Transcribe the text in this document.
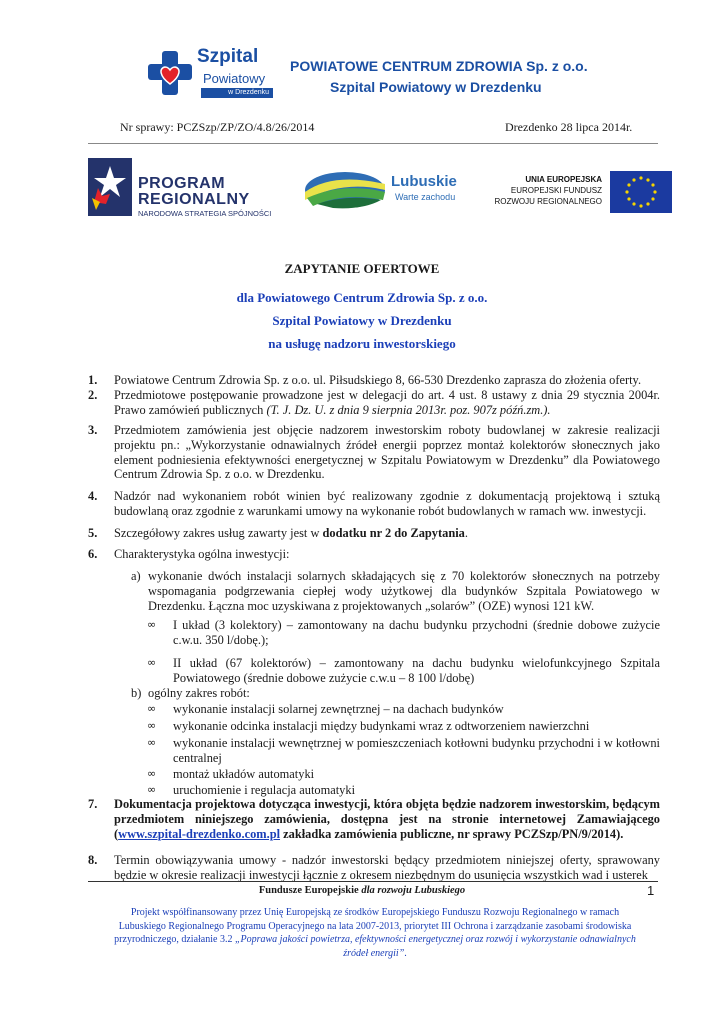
Szpital
Powiatowy
w Drezdenku
POWIATOWE CENTRUM ZDROWIA Sp. z o.o.
Szpital Powiatowy w Drezdenku
Nr sprawy: PCZSzp/ZP/ZO/4.8/26/2014	Drezdenko 28 lipca 2014r.
PROGRAM
REGIONALNY
NARODOWA STRATEGIA SPÓJNOŚCI
Lubuskie
Warte zachodu
UNIA EUROPEJSKA
EUROPEJSKI FUNDUSZ
ROZWOJU REGIONALNEGO
ZAPYTANIE OFERTOWE
dla Powiatowego Centrum Zdrowia Sp. z o.o.
Szpital Powiatowy w Drezdenku
na usługę nadzoru inwestorskiego
1. Powiatowe Centrum Zdrowia Sp. z o.o. ul. Piłsudskiego 8, 66-530 Drezdenko zaprasza do złożenia oferty.
2. Przedmiotowe postępowanie prowadzone jest w delegacji do art. 4 ust. 8 ustawy z dnia 29 stycznia 2004r. Prawo zamówień publicznych (T. J. Dz. U. z dnia 9 sierpnia 2013r. poz. 907z późń.zm.).
3. Przedmiotem zamówienia jest objęcie nadzorem inwestorskim roboty budowlanej w zakresie realizacji projektu pn.: „Wykorzystanie odnawialnych źródeł energii poprzez montaż kolektorów słonecznych jako element podniesienia efektywności energetycznej w Szpitalu Powiatowym w Drezdenku” dla Powiatowego Centrum Zdrowia Sp. z o.o. w Drezdenku.
4. Nadzór nad wykonaniem robót winien być realizowany zgodnie z dokumentacją projektową i sztuką budowlaną oraz zgodnie z warunkami umowy na wykonanie robót budowlanych w ramach ww. inwestycji.
5. Szczegółowy zakres usług zawarty jest w dodatku nr 2 do Zapytania.
6. Charakterystyka ogólna inwestycji:
a) wykonanie dwóch instalacji solarnych składających się z 70 kolektorów słonecznych na potrzeby wspomagania podgrzewania ciepłej wody użytkowej dla budynków Szpitala Powiatowego w Drezdenku. Łączna moc uzyskiwana z projektowanych „solarów” (OZE) wynosi 121 kW.
∞ I układ (3 kolektory) – zamontowany na dachu budynku przychodni (średnie dobowe zużycie c.w.u. 350 l/dobę.);
∞ II układ (67 kolektorów) – zamontowany na dachu budynku wielofunkcyjnego Szpitala Powiatowego (średnie dobowe zużycie c.w.u – 8 100 l/dobę)
b) ogólny zakres robót:
∞ wykonanie instalacji solarnej zewnętrznej – na dachach budynków
∞ wykonanie odcinka instalacji między budynkami wraz z odtworzeniem nawierzchni
∞ wykonanie instalacji wewnętrznej w pomieszczeniach kotłowni budynku przychodni i w kotłowni centralnej
∞ montaż układów automatyki
∞ uruchomienie i regulacja automatyki
7. Dokumentacja projektowa dotycząca inwestycji, która objęta będzie nadzorem inwestorskim, będącym przedmiotem niniejszego zamówienia, dostępna jest na stronie internetowej Zamawiającego (www.szpital-drezdenko.com.pl zakładka zamówienia publiczne, nr sprawy PCZSzp/PN/9/2014).
8. Termin obowiązywania umowy - nadzór inwestorski będący przedmiotem niniejszej oferty, sprawowany będzie w okresie realizacji inwestycji łącznie z okresem niezbędnym do usunięcia wszystkich wad i usterek
Fundusze Europejskie dla rozwoju Lubuskiego	1
Projekt współfinansowany przez Unię Europejską ze środków Europejskiego Funduszu Rozwoju Regionalnego w ramach Lubuskiego Regionalnego Programu Operacyjnego na lata 2007-2013, priorytet III Ochrona i zarządzanie zasobami środowiska przyrodniczego, działanie 3.2 „Poprawa jakości powietrza, efektywności energetycznej oraz rozwój i wykorzystanie odnawialnych źródeł energii”.
